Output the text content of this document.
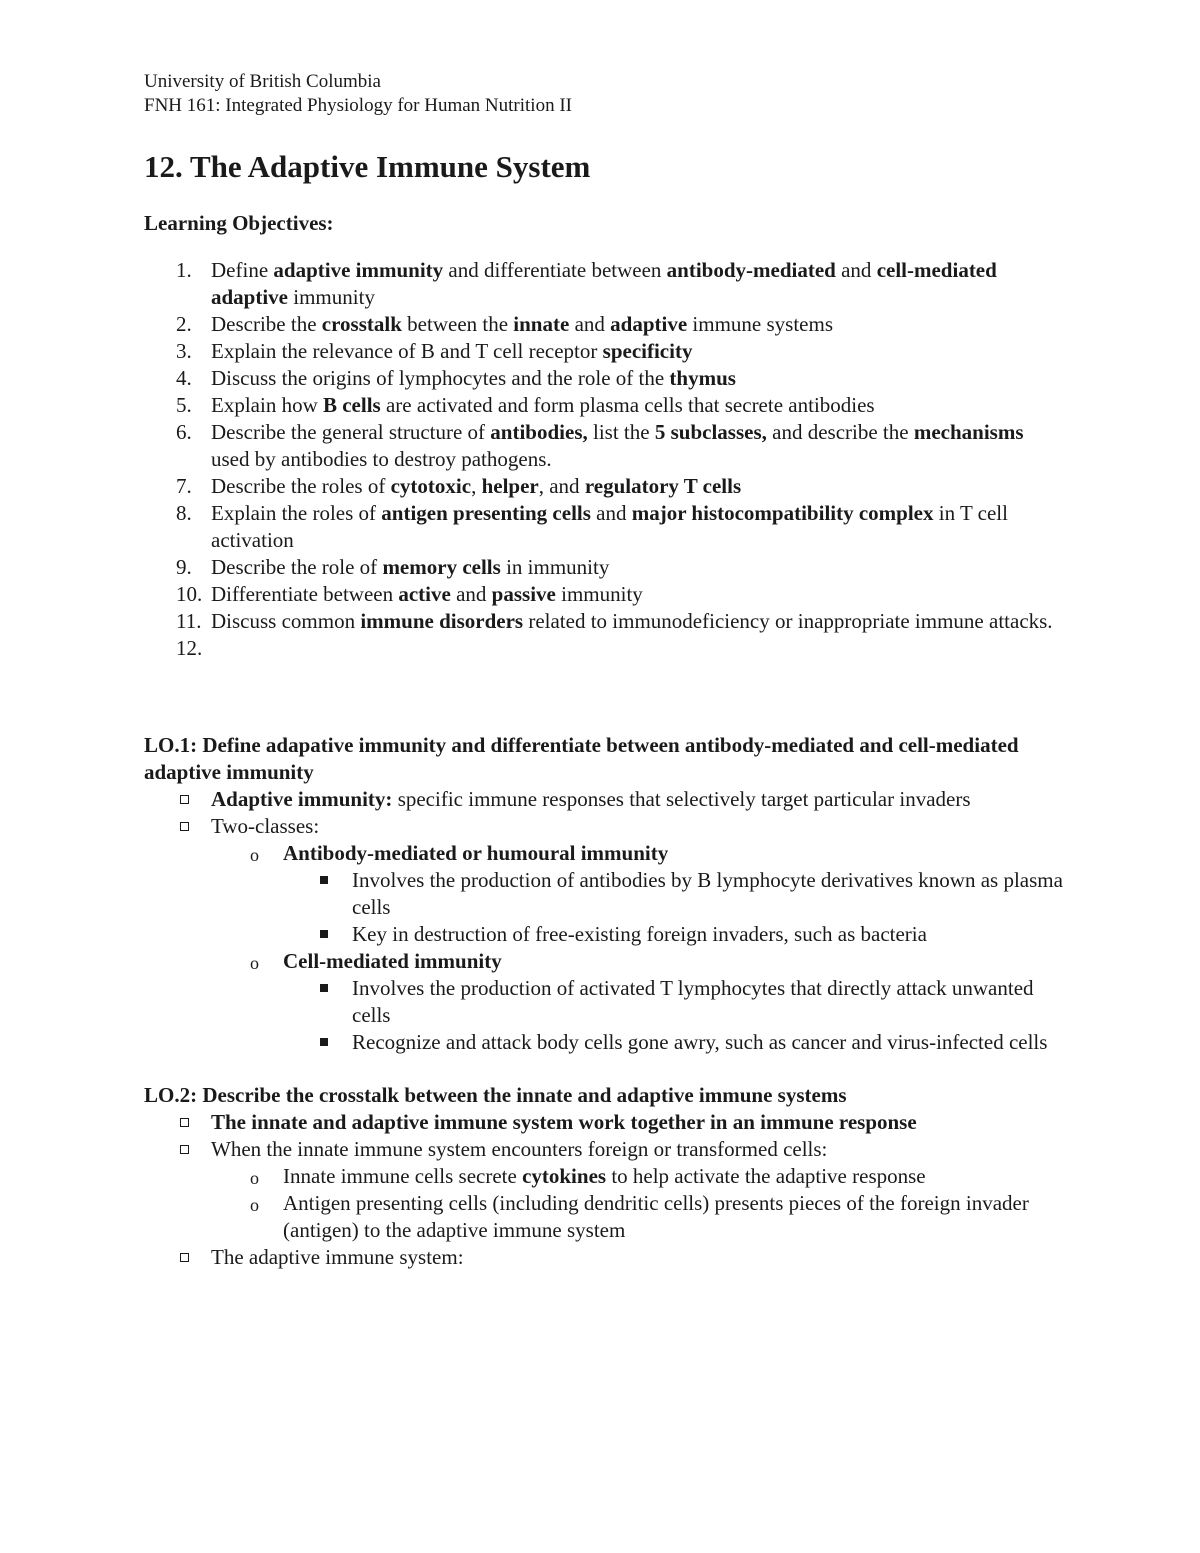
University of British Columbia

FNH 161: Integrated Physiology for Human Nutrition II

12. The Adaptive Immune System

Learning Objectives:

1. Define adaptive immunity and differentiate between antibody-mediated and cell-mediated adaptive immunity
2. Describe the crosstalk between the innate and adaptive immune systems
3. Explain the relevance of B and T cell receptor specificity
4. Discuss the origins of lymphocytes and the role of the thymus
5. Explain how B cells are activated and form plasma cells that secrete antibodies
6. Describe the general structure of antibodies, list the 5 subclasses, and describe the mechanisms used by antibodies to destroy pathogens.
7. Describe the roles of cytotoxic, helper, and regulatory T cells
8. Explain the roles of antigen presenting cells and major histocompatibility complex in T cell activation
9. Describe the role of memory cells in immunity
10. Differentiate between active and passive immunity
11. Discuss common immune disorders related to immunodeficiency or inappropriate immune attacks.
12.

LO.1: Define adapative immunity and differentiate between antibody-mediated and cell-mediated adaptive immunity

Adaptive immunity: specific immune responses that selectively target particular invaders
Two-classes:
o Antibody-mediated or humoural immunity
Involves the production of antibodies by B lymphocyte derivatives known as plasma cells
Key in destruction of free-existing foreign invaders, such as bacteria
o Cell-mediated immunity
Involves the production of activated T lymphocytes that directly attack unwanted cells
Recognize and attack body cells gone awry, such as cancer and virus-infected cells

LO.2: Describe the crosstalk between the innate and adaptive immune systems

The innate and adaptive immune system work together in an immune response
When the innate immune system encounters foreign or transformed cells:
o Innate immune cells secrete cytokines to help activate the adaptive response
o Antigen presenting cells (including dendritic cells) presents pieces of the foreign invader (antigen) to the adaptive immune system
The adaptive immune system:
